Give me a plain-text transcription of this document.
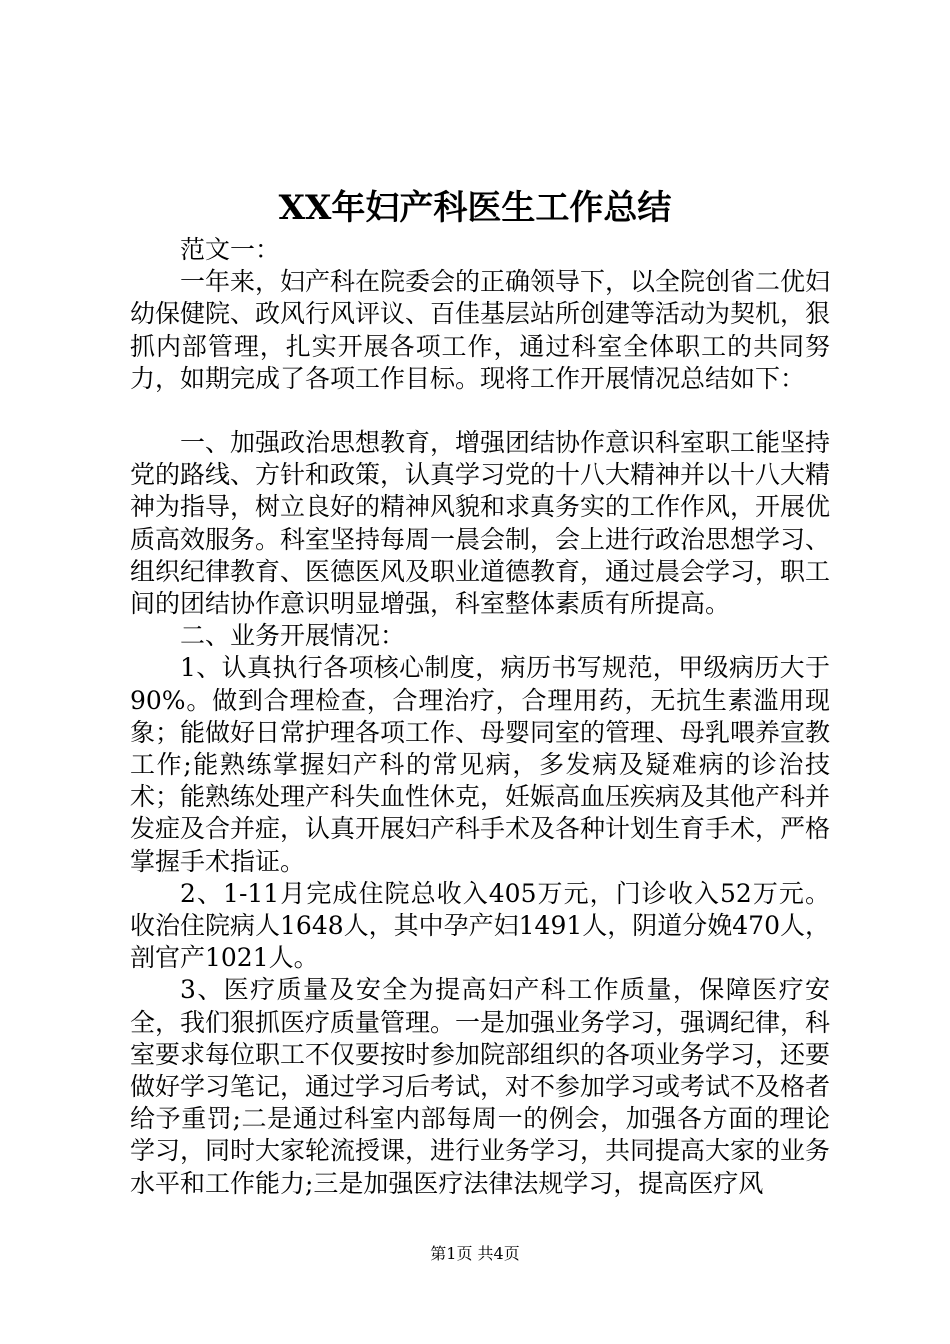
XX年妇产科医生工作总结

范文一：

一年来，妇产科在院委会的正确领导下，以全院创省二优妇幼保健院、政风行风评议、百佳基层站所创建等活动为契机，狠抓内部管理，扎实开展各项工作，通过科室全体职工的共同努力，如期完成了各项工作目标。现将工作开展情况总结如下：

一、加强政治思想教育，增强团结协作意识科室职工能坚持党的路线、方针和政策，认真学习党的十八大精神并以十八大精神为指导，树立良好的精神风貌和求真务实的工作作风，开展优质高效服务。科室坚持每周一晨会制，会上进行政治思想学习、组织纪律教育、医德医风及职业道德教育，通过晨会学习，职工间的团结协作意识明显增强，科室整体素质有所提高。

二、业务开展情况：

1、认真执行各项核心制度，病历书写规范，甲级病历大于90%。做到合理检查，合理治疗，合理用药，无抗生素滥用现象；能做好日常护理各项工作、母婴同室的管理、母乳喂养宣教工作;能熟练掌握妇产科的常见病，多发病及疑难病的诊治技术；能熟练处理产科失血性休克，妊娠高血压疾病及其他产科并发症及合并症，认真开展妇产科手术及各种计划生育手术，严格掌握手术指证。

2、1-11月完成住院总收入405万元，门诊收入52万元。收治住院病人1648人，其中孕产妇1491人，阴道分娩470人，剖官产1021人。

3、医疗质量及安全为提高妇产科工作质量，保障医疗安全，我们狠抓医疗质量管理。一是加强业务学习，强调纪律，科室要求每位职工不仅要按时参加院部组织的各项业务学习，还要做好学习笔记，通过学习后考试，对不参加学习或考试不及格者给予重罚;二是通过科室内部每周一的例会，加强各方面的理论学习，同时大家轮流授课，进行业务学习，共同提高大家的业务水平和工作能力;三是加强医疗法律法规学习，提高医疗风

第1页 共4页
